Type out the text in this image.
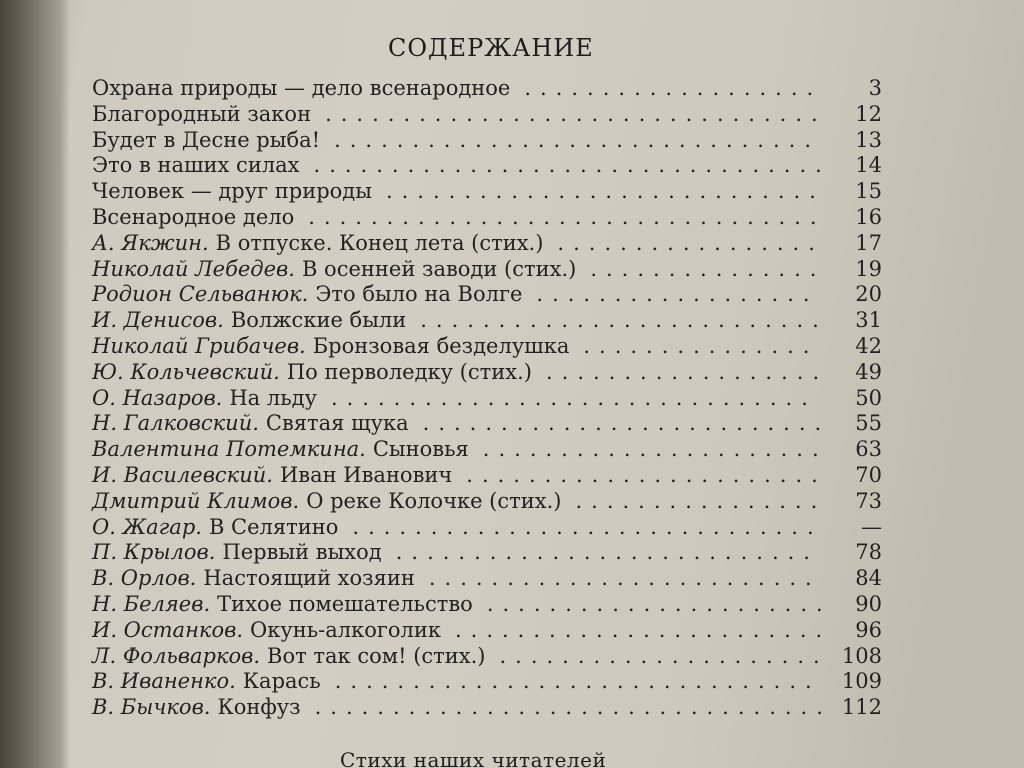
СОДЕРЖАНИЕ
Охрана природы — дело всенародное ...................	3
Благородный закон ................................	12
Будет в Десне рыба! ...............................	13
Это в наших силах .................................	14
Человек — друг природы ............................	15
Всенародное дело .................................	16
А. Якжин. В отпуске. Конец лета (стих.) .................	17
Николай Лебедев. В осенней заводи (стих.) ...............	19
Родион Сельванюк. Это было на Волге ..................	20
И. Денисов. Волжские были ..........................	31
Николай Грибачев. Бронзовая безделушка ...............	42
Ю. Кольчевский. По перволедку (стих.) ..................	49
О. Назаров. На льду ...............................	50
Н. Галковский. Святая щука ..........................	55
Валентина Потемкина. Сыновья ......................	63
И. Василевский. Иван Иванович .......................	70
Дмитрий Климов. О реке Колочке (стих.) ................	73
О. Жагар. В Селятино ..............................	—
П. Крылов. Первый выход ...........................	78
В. Орлов. Настоящий хозяин .........................	84
Н. Беляев. Тихое помешательство ......................	90
И. Останков. Окунь-алкоголик ........................	96
Л. Фольварков. Вот так сом! (стих.) ..................... 108
В. Иваненко. Карась ............................... 109
В. Бычков. Конфуз ................................. 112
Стихи наших читателей
